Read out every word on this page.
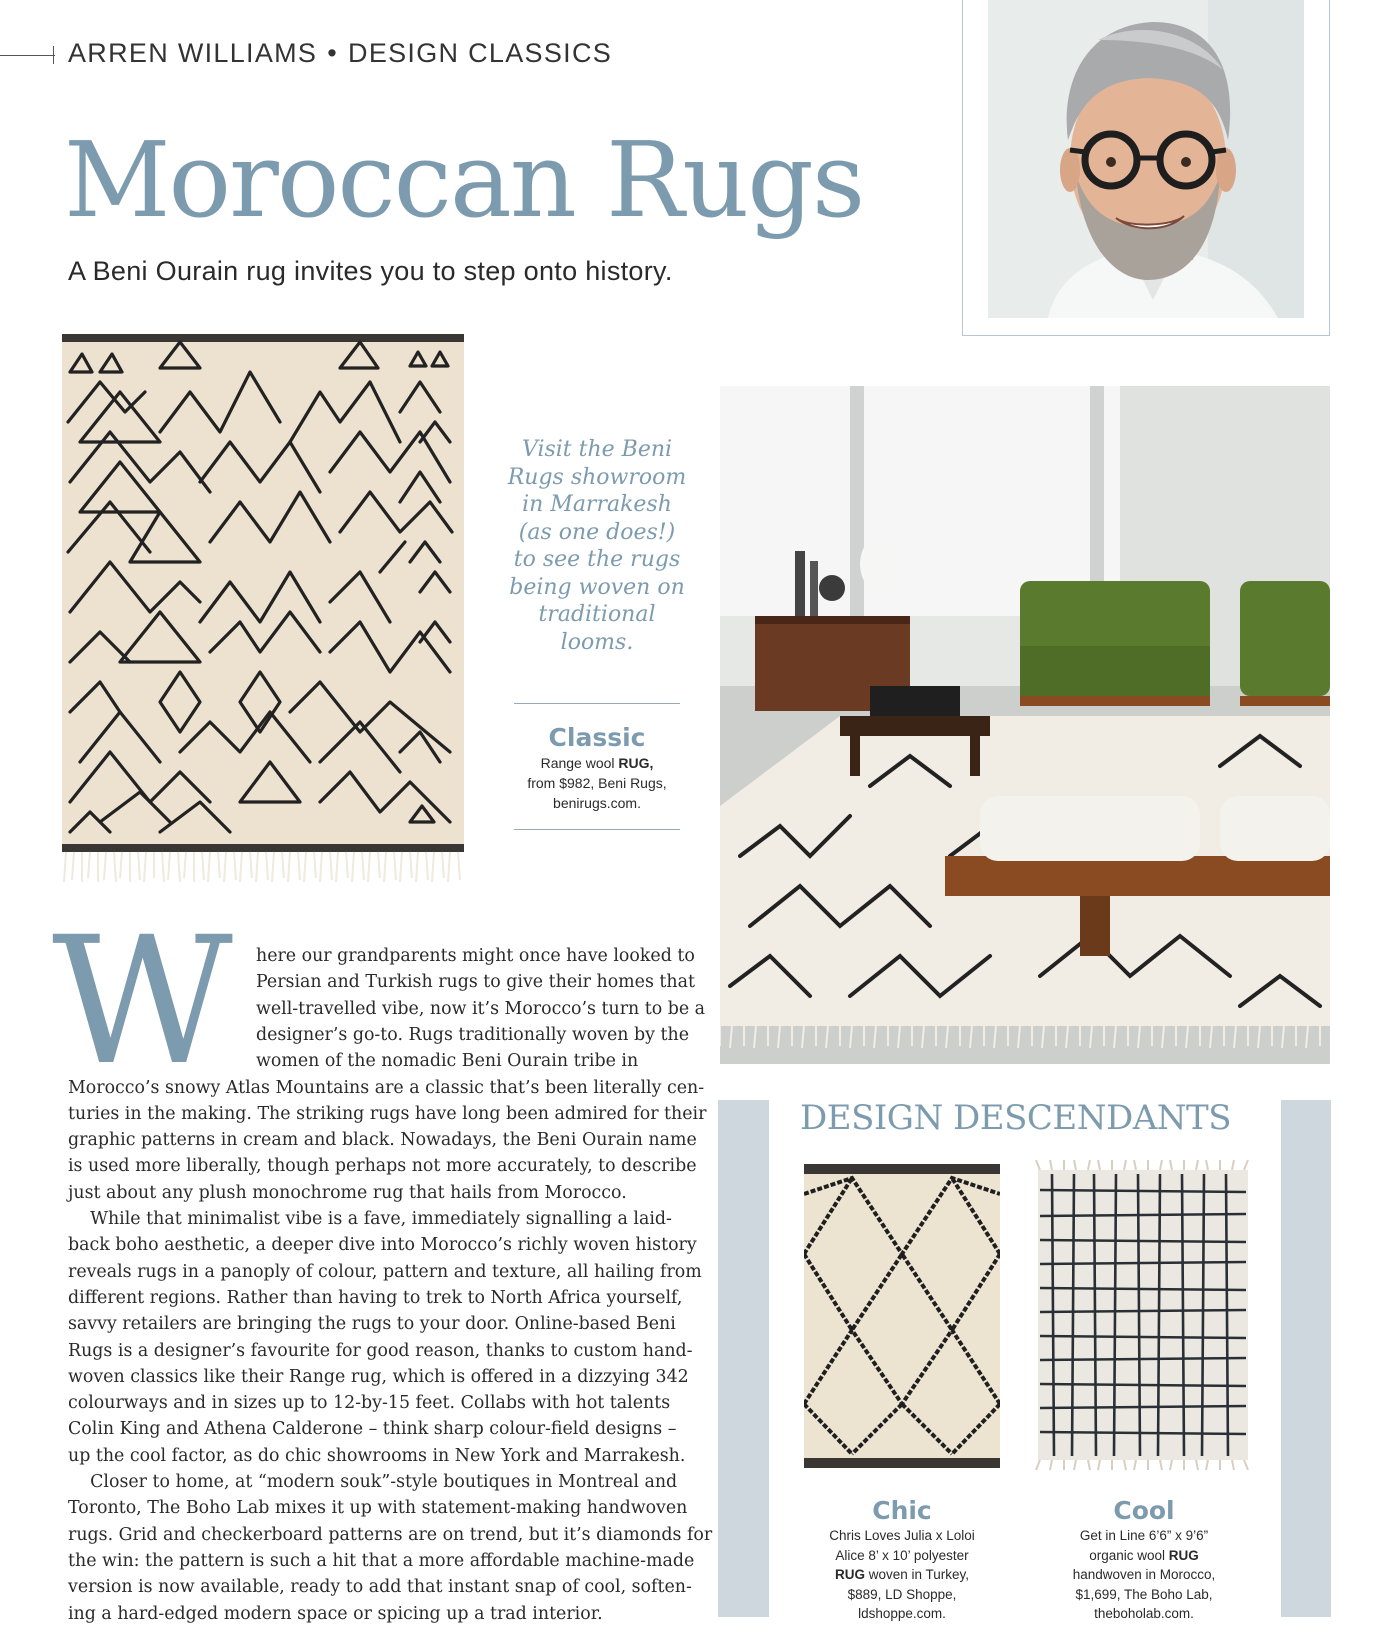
ARREN WILLIAMS • DESIGN CLASSICS
Moroccan Rugs
A Beni Ourain rug invites you to step onto history.
Visit the Beni
Rugs showroom
in Marrakesh
(as one does!)
to see the rugs
being woven on
traditional looms.
Classic
Range wool RUG,
from $982, Beni Rugs,
benirugs.com.
W here our grandparents might once have looked to
Persian and Turkish rugs to give their homes that
well-travelled vibe, now it’s Morocco’s turn to be a
designer’s go-to. Rugs traditionally woven by the
women of the nomadic Beni Ourain tribe in
Morocco’s snowy Atlas Mountains are a classic that’s been literally cen-
turies in the making. The striking rugs have long been admired for their
graphic patterns in cream and black. Nowadays, the Beni Ourain name
is used more liberally, though perhaps not more accurately, to describe
just about any plush monochrome rug that hails from Morocco.
While that minimalist vibe is a fave, immediately signalling a laid-
back boho aesthetic, a deeper dive into Morocco’s richly woven history
reveals rugs in a panoply of colour, pattern and texture, all hailing from
different regions. Rather than having to trek to North Africa yourself,
savvy retailers are bringing the rugs to your door. Online-based Beni
Rugs is a designer’s favourite for good reason, thanks to custom hand-
woven classics like their Range rug, which is offered in a dizzying 342
colourways and in sizes up to 12-by-15 feet. Collabs with hot talents
Colin King and Athena Calderone – think sharp colour-field designs –
up the cool factor, as do chic showrooms in New York and Marrakesh.
Closer to home, at “modern souk”-style boutiques in Montreal and
Toronto, The Boho Lab mixes it up with statement-making handwoven
rugs. Grid and checkerboard patterns are on trend, but it’s diamonds for
the win: the pattern is such a hit that a more affordable machine-made
version is now available, ready to add that instant snap of cool, soften-
ing a hard-edged modern space or spicing up a trad interior.
DESIGN DESCENDANTS
Chic
Chris Loves Julia x Loloi
Alice 8’ x 10’ polyester
RUG woven in Turkey,
$889, LD Shoppe,
ldshoppe.com.
Cool
Get in Line 6’6” x 9’6”
organic wool RUG
handwoven in Morocco,
$1,699, The Boho Lab,
theboholab.com.
